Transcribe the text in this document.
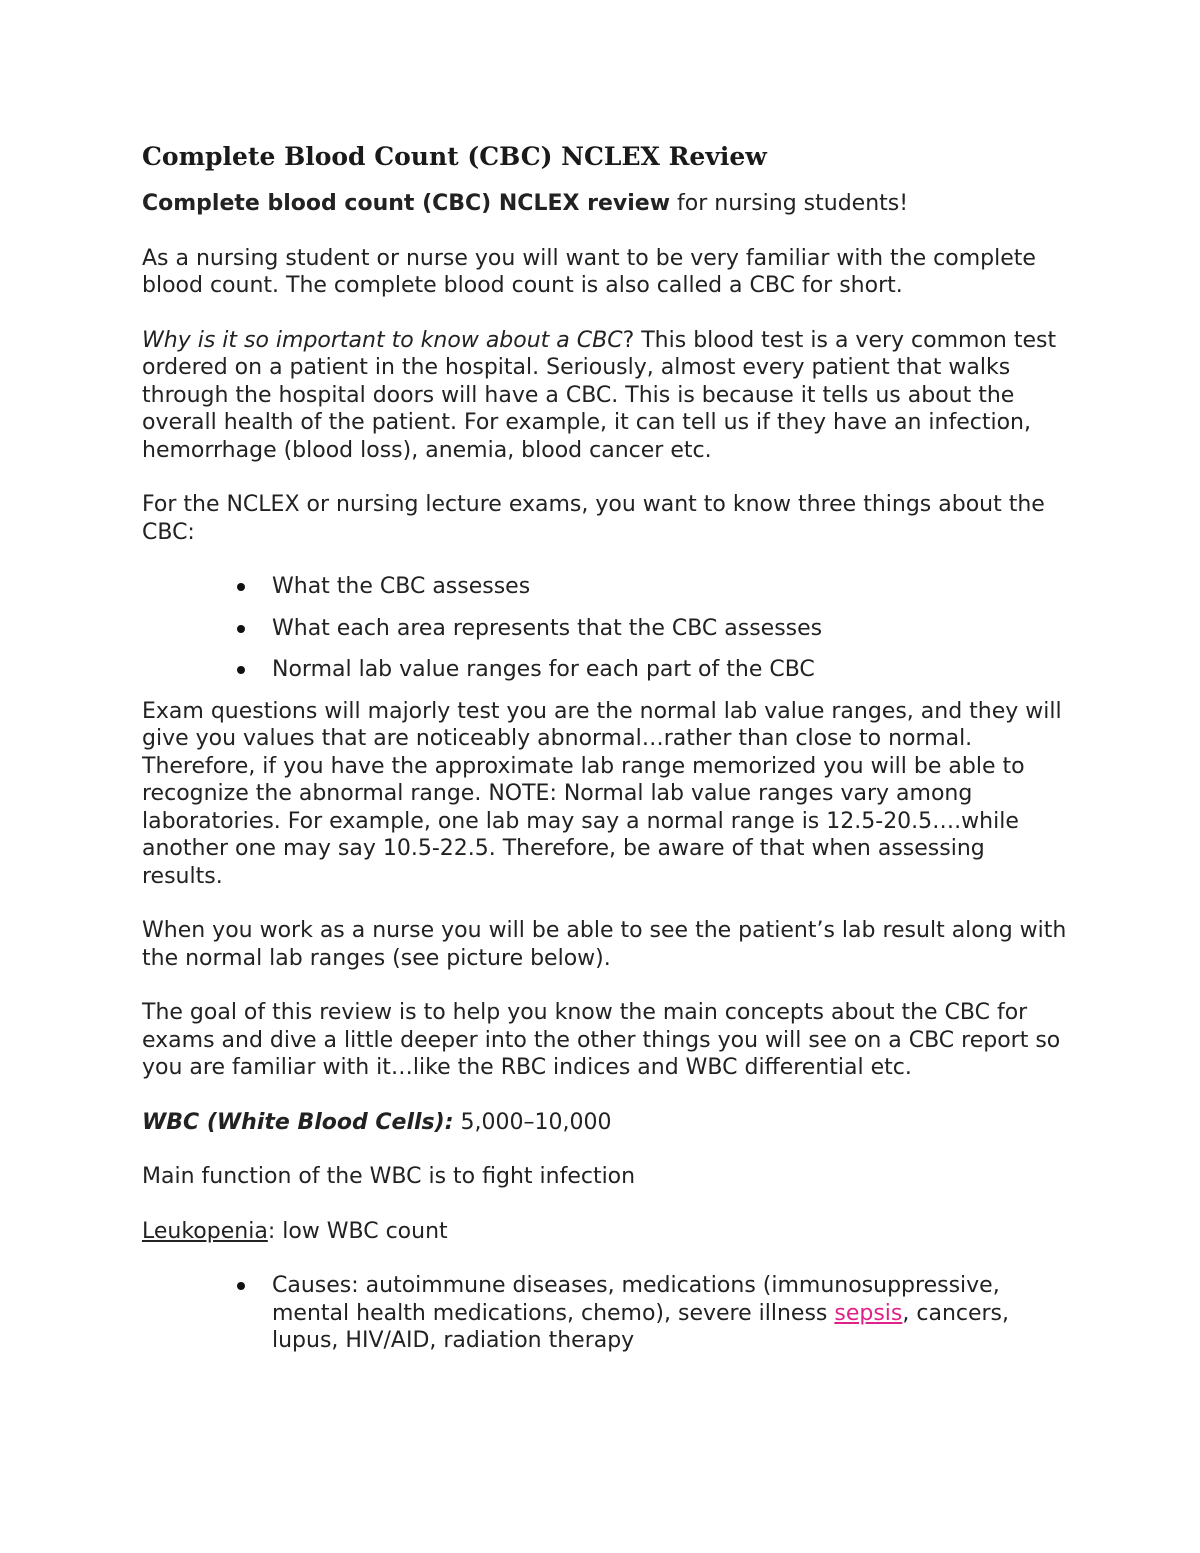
Complete Blood Count (CBC) NCLEX Review

Complete blood count (CBC) NCLEX review for nursing students!

As a nursing student or nurse you will want to be very familiar with the complete blood count. The complete blood count is also called a CBC for short.

Why is it so important to know about a CBC? This blood test is a very common test ordered on a patient in the hospital. Seriously, almost every patient that walks through the hospital doors will have a CBC. This is because it tells us about the overall health of the patient. For example, it can tell us if they have an infection, hemorrhage (blood loss), anemia, blood cancer etc.

For the NCLEX or nursing lecture exams, you want to know three things about the CBC:

What the CBC assesses
What each area represents that the CBC assesses
Normal lab value ranges for each part of the CBC

Exam questions will majorly test you are the normal lab value ranges, and they will give you values that are noticeably abnormal…rather than close to normal. Therefore, if you have the approximate lab range memorized you will be able to recognize the abnormal range. NOTE: Normal lab value ranges vary among laboratories. For example, one lab may say a normal range is 12.5-20.5….while another one may say 10.5-22.5. Therefore, be aware of that when assessing results.

When you work as a nurse you will be able to see the patient’s lab result along with the normal lab ranges (see picture below).

The goal of this review is to help you know the main concepts about the CBC for exams and dive a little deeper into the other things you will see on a CBC report so you are familiar with it…like the RBC indices and WBC differential etc.

WBC (White Blood Cells): 5,000–10,000

Main function of the WBC is to fight infection

Leukopenia: low WBC count

Causes: autoimmune diseases, medications (immunosuppressive, mental health medications, chemo), severe illness sepsis, cancers, lupus, HIV/AID, radiation therapy
